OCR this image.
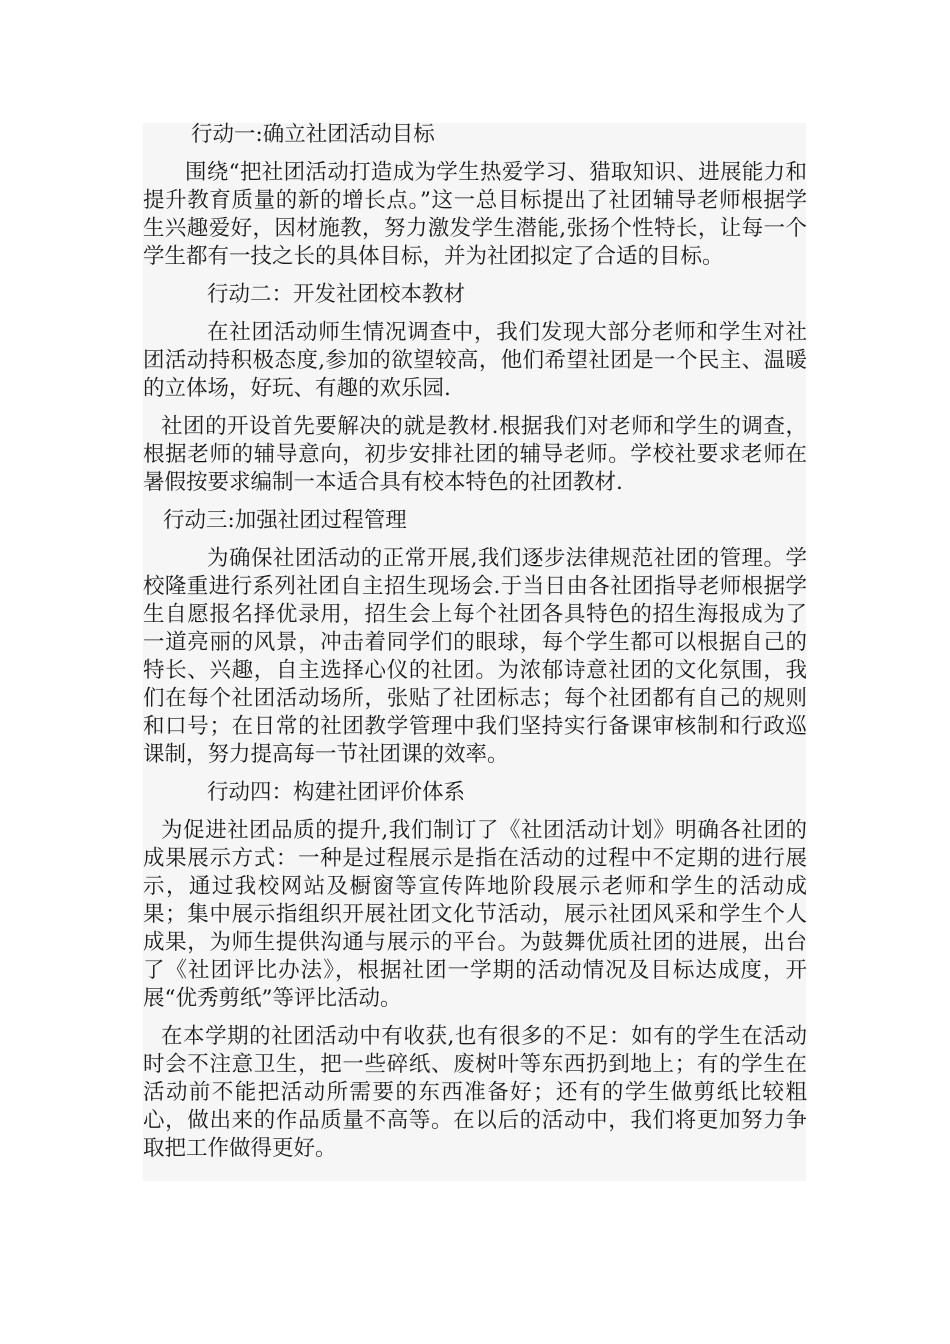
行动一:确立社团活动目标

围绕“把社团活动打造成为学生热爱学习、猎取知识、进展能力和提升教育质量的新的增长点。”这一总目标提出了社团辅导老师根据学生兴趣爱好，因材施教，努力激发学生潜能,张扬个性特长，让每一个学生都有一技之长的具体目标，并为社团拟定了合适的目标。

行动二：开发社团校本教材

在社团活动师生情况调查中，我们发现大部分老师和学生对社团活动持积极态度,参加的欲望较高，他们希望社团是一个民主、温暖的立体场，好玩、有趣的欢乐园.

社团的开设首先要解决的就是教材.根据我们对老师和学生的调查，根据老师的辅导意向，初步安排社团的辅导老师。学校社要求老师在暑假按要求编制一本适合具有校本特色的社团教材.

行动三:加强社团过程管理

为确保社团活动的正常开展,我们逐步法律规范社团的管理。学校隆重进行系列社团自主招生现场会.于当日由各社团指导老师根据学生自愿报名择优录用，招生会上每个社团各具特色的招生海报成为了一道亮丽的风景，冲击着同学们的眼球，每个学生都可以根据自己的特长、兴趣，自主选择心仪的社团。为浓郁诗意社团的文化氛围，我们在每个社团活动场所，张贴了社团标志；每个社团都有自己的规则和口号；在日常的社团教学管理中我们坚持实行备课审核制和行政巡课制，努力提高每一节社团课的效率。

行动四：构建社团评价体系

为促进社团品质的提升,我们制订了《社团活动计划》明确各社团的成果展示方式：一种是过程展示是指在活动的过程中不定期的进行展示，通过我校网站及橱窗等宣传阵地阶段展示老师和学生的活动成果；集中展示指组织开展社团文化节活动，展示社团风采和学生个人成果，为师生提供沟通与展示的平台。为鼓舞优质社团的进展，出台了《社团评比办法》，根据社团一学期的活动情况及目标达成度，开展“优秀剪纸”等评比活动。

在本学期的社团活动中有收获,也有很多的不足：如有的学生在活动时会不注意卫生，把一些碎纸、废树叶等东西扔到地上；有的学生在活动前不能把活动所需要的东西准备好；还有的学生做剪纸比较粗心，做出来的作品质量不高等。在以后的活动中，我们将更加努力争取把工作做得更好。
